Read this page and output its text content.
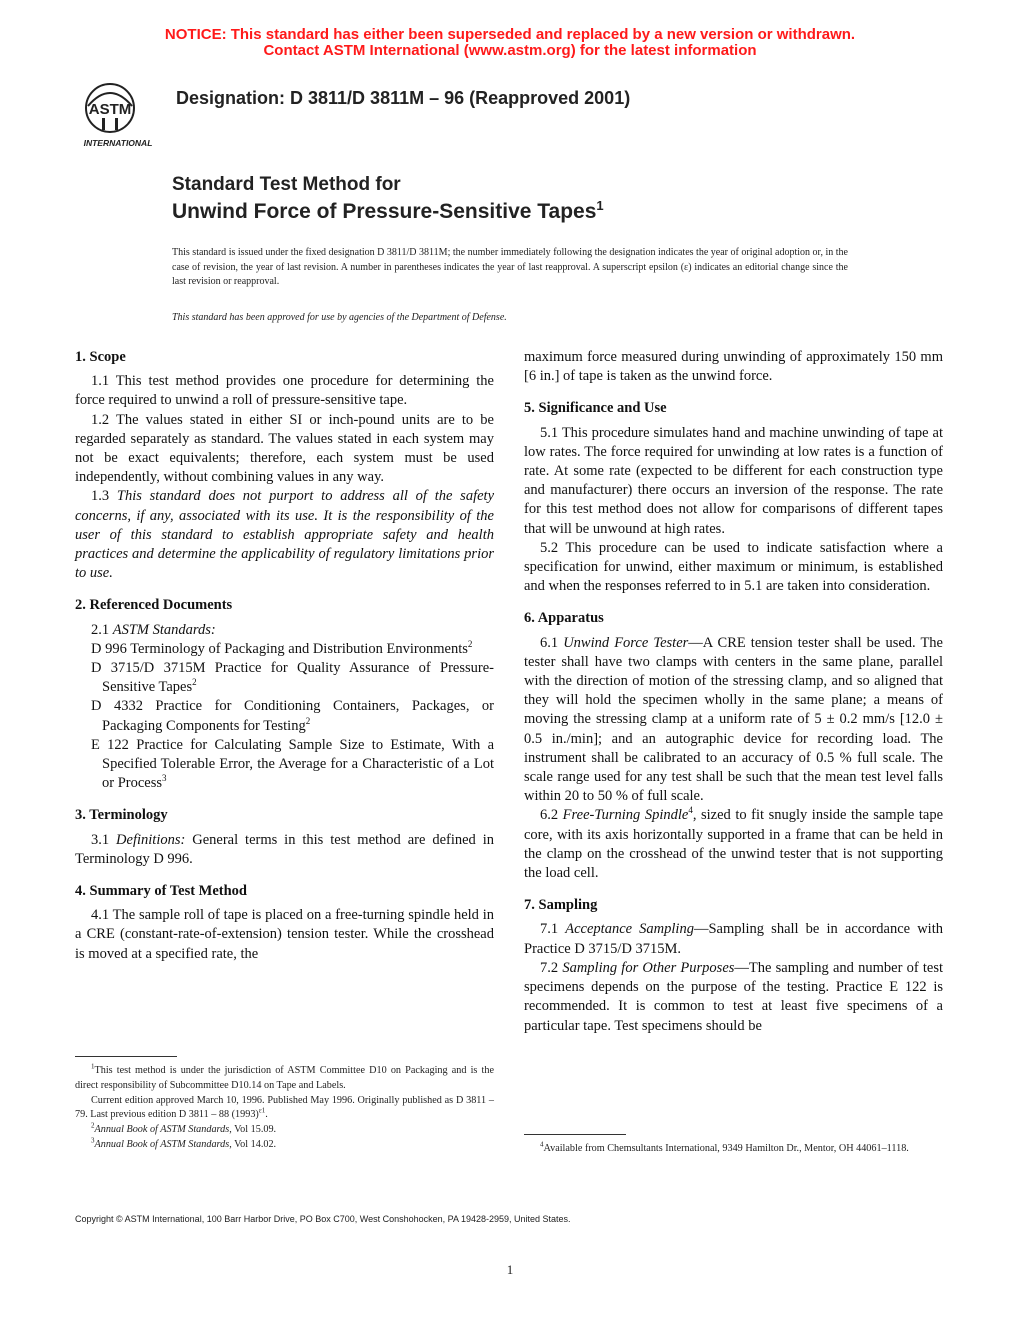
NOTICE: This standard has either been superseded and replaced by a new version or withdrawn.
Contact ASTM International (www.astm.org) for the latest information
ASTM
INTERNATIONAL
Designation: D 3811/D 3811M – 96 (Reapproved 2001)
Standard Test Method for
Unwind Force of Pressure-Sensitive Tapes$^1$
This standard is issued under the fixed designation D 3811/D 3811M; the number immediately following the designation indicates the year of original adoption or, in the case of revision, the year of last revision. A number in parentheses indicates the year of last reapproval. A superscript epsilon (ε) indicates an editorial change since the last revision or reapproval.
This standard has been approved for use by agencies of the Department of Defense.
1. Scope

1.1 This test method provides one procedure for determining the force required to unwind a roll of pressure-sensitive tape.

1.2 The values stated in either SI or inch-pound units are to be regarded separately as standard. The values stated in each system may not be exact equivalents; therefore, each system must be used independently, without combining values in any way.

1.3 This standard does not purport to address all of the safety concerns, if any, associated with its use. It is the responsibility of the user of this standard to establish appropriate safety and health practices and determine the applicability of regulatory limitations prior to use.

2. Referenced Documents

2.1 ASTM Standards:

D 996 Terminology of Packaging and Distribution Environments$^2$

D 3715/D 3715M Practice for Quality Assurance of Pressure-Sensitive Tapes$^2$

D 4332 Practice for Conditioning Containers, Packages, or Packaging Components for Testing$^2$

E 122 Practice for Calculating Sample Size to Estimate, With a Specified Tolerable Error, the Average for a Characteristic of a Lot or Process$^3$

3. Terminology

3.1 Definitions: General terms in this test method are defined in Terminology D 996.

4. Summary of Test Method

4.1 The sample roll of tape is placed on a free-turning spindle held in a CRE (constant-rate-of-extension) tension tester. While the crosshead is moved at a specified rate, the

maximum force measured during unwinding of approximately 150 mm [6 in.] of tape is taken as the unwind force.

5. Significance and Use

5.1 This procedure simulates hand and machine unwinding of tape at low rates. The force required for unwinding at low rates is a function of rate. At some rate (expected to be different for each construction type and manufacturer) there occurs an inversion of the response. The rate for this test method does not allow for comparisons of different tapes that will be unwound at high rates.

5.2 This procedure can be used to indicate satisfaction where a specification for unwind, either maximum or minimum, is established and when the responses referred to in 5.1 are taken into consideration.

6. Apparatus

6.1 Unwind Force Tester—A CRE tension tester shall be used. The tester shall have two clamps with centers in the same plane, parallel with the direction of motion of the stressing clamp, and so aligned that they will hold the specimen wholly in the same plane; a means of moving the stressing clamp at a uniform rate of 5 ± 0.2 mm/s [12.0 ± 0.5 in./min]; and an autographic device for recording load. The instrument shall be calibrated to an accuracy of 0.5 % full scale. The scale range used for any test shall be such that the mean test level falls within 20 to 50 % of full scale.

6.2 Free-Turning Spindle$^4$, sized to fit snugly inside the sample tape core, with its axis horizontally supported in a frame that can be held in the clamp on the crosshead of the unwind tester that is not supporting the load cell.

7. Sampling

7.1 Acceptance Sampling—Sampling shall be in accordance with Practice D 3715/D 3715M.

7.2 Sampling for Other Purposes—The sampling and number of test specimens depends on the purpose of the testing. Practice E 122 is recommended. It is common to test at least five specimens of a particular tape. Test specimens should be

$^1$This test method is under the jurisdiction of ASTM Committee D10 on Packaging and is the direct responsibility of Subcommittee D10.14 on Tape and Labels.

Current edition approved March 10, 1996. Published May 1996. Originally published as D 3811 – 79. Last previous edition D 3811 – 88 $(1993)^{\varepsilon 1}$.

$^2$Annual Book of ASTM Standards, Vol 15.09.

$^3$Annual Book of ASTM Standards, Vol 14.02.	$^4$Available from Chemsultants International, 9349 Hamilton Dr., Mentor, OH 44061–1118.

Copyright © ASTM International, 100 Barr Harbor Drive, PO Box C700, West Conshohocken, PA 19428-2959, United States.
1
